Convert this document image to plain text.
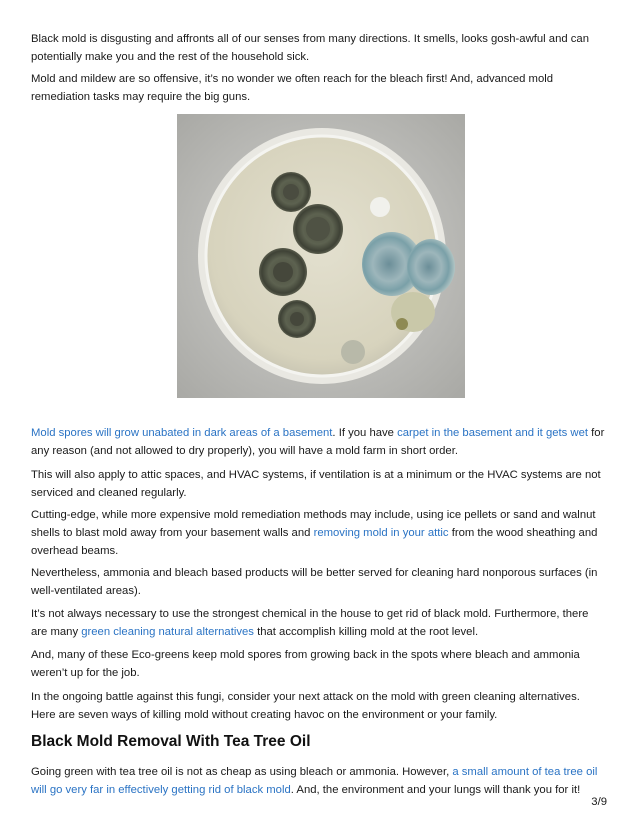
Black mold is disgusting and affronts all of our senses from many directions. It smells, looks gosh-awful and can potentially make you and the rest of the household sick.

Mold and mildew are so offensive, it’s no wonder we often reach for the bleach first! And, advanced mold remediation tasks may require the big guns.

Mold spores will grow unabated in dark areas of a basement. If you have carpet in the basement and it gets wet for any reason (and not allowed to dry properly), you will have a mold farm in short order.

This will also apply to attic spaces, and HVAC systems, if ventilation is at a minimum or the HVAC systems are not serviced and cleaned regularly.

Cutting-edge, while more expensive mold remediation methods may include, using ice pellets or sand and walnut shells to blast mold away from your basement walls and removing mold in your attic from the wood sheathing and overhead beams.

Nevertheless, ammonia and bleach based products will be better served for cleaning hard nonporous surfaces (in well-ventilated areas).

It’s not always necessary to use the strongest chemical in the house to get rid of black mold. Furthermore, there are many green cleaning natural alternatives that accomplish killing mold at the root level.

And, many of these Eco-greens keep mold spores from growing back in the spots where bleach and ammonia weren’t up for the job.

In the ongoing battle against this fungi, consider your next attack on the mold with green cleaning alternatives. Here are seven ways of killing mold without creating havoc on the environment or your family.

Black Mold Removal With Tea Tree Oil

Going green with tea tree oil is not as cheap as using bleach or ammonia. However, a small amount of tea tree oil will go very far in effectively getting rid of black mold. And, the environment and your lungs will thank you for it!

3/9
